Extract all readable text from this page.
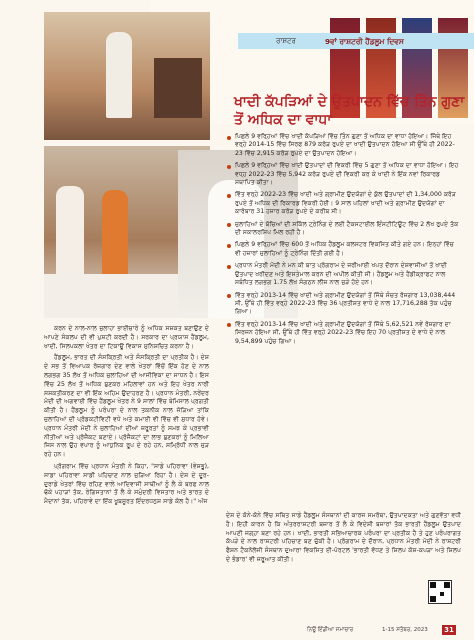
ਰਾਸ਼ਟਰ	9ਵਾਂ ਰਾਸ਼ਟਰੀ ਹੈਂਡਲੂਮ ਦਿਵਸ
ਖਾਦੀ ਕੱਪੜਿਆਂ ਦੇ ਉਤਪਾਦਨ ਵਿੱਚ ਤਿੰਨ ਗੁਣਾ ਤੋਂ ਅਧਿਕ ਦਾ ਵਾਧਾ
ਪਿਛਲੇ 9 ਵਰ੍ਹਿਆਂ ਵਿੱਚ ਖਾਦੀ ਕੱਪੜਿਆਂ ਵਿੱਚ ਤਿੰਨ ਗੁਣਾ ਤੋਂ ਅਧਿਕ ਦਾ ਵਾਧਾ ਹੋਇਆ। ਜਿੱਥੇ ਇਹ ਵਰ੍ਹੇ 2014-15 ਵਿੱਚ ਸਿਰਫ 879 ਕਰੋੜ ਰੁਪਏ ਦਾ ਖਾਦੀ ਉਤਪਾਦਨ ਹੋਇਆ ਸੀ ਉੱਥੇ ਹੀ 2022-23 ਵਿੱਚ 2,915 ਕਰੋੜ ਰੁਪਏ ਦਾ ਉਤਪਾਦਨ ਹੋਇਆ।
ਪਿਛਲੇ 9 ਵਰ੍ਹਿਆਂ ਵਿੱਚ ਖਾਦੀ ਉਤਪਾਦਾਂ ਦੀ ਵਿਕਰੀ ਵਿੱਚ 5 ਗੁਣਾ ਤੋਂ ਅਧਿਕ ਦਾ ਵਾਧਾ ਹੋਇਆ। ਇਹ ਵਧ੍ਹ 2022-23 ਵਿੱਚ 5,942 ਕਰੋੜ ਰੁਪਏ ਦੀ ਵਿਕਰੀ ਕਰ ਕੇ ਖਾਦੀ ਨੇ ਇੱਕ ਨਵਾਂ ਰਿਕਾਰਡ ਸਥਾਪਿਤ ਕੀਤਾ।
ਵਿੱਤ ਵਰ੍ਹੇ 2022-23 ਵਿੱਚ ਖਾਦੀ ਅਤੇ ਗ੍ਰਾਮੀਣ ਉਦਯੋਗਾਂ ਦੇ ਕੁੱਲ ਉਤਪਾਦਾਂ ਦੀ 1,34,000 ਕਰੋੜ ਰੁਪਏ ਤੋਂ ਅਧਿਕ ਦੀ ਰਿਕਾਰਡ ਵਿਕਰੀ ਹੋਈ। 9 ਸਾਲ ਪਹਿਲਾਂ ਖਾਦੀ ਅਤੇ ਗ੍ਰਾਮੀਣ ਉਦਯੋਗਾਂ ਦਾ ਕਾਰੋਬਾਰ 31 ਹਜ਼ਾਰ ਕਰੋੜ ਰੁਪਏ ਦੇ ਕਰੀਬ ਸੀ।
ਜੁਲਾਹਿਆਂ ਦੇ ਬੱਚਿਆਂ ਦੀ ਸਕਿੱਲ ਟ੍ਰੇਨਿੰਗ ਦੇ ਲਈ ਟੈਕਸਟਾਈਲ ਇੰਸਟੀਟਿਊਟ ਵਿੱਚ 2 ਲੱਖ ਰੁਪਏ ਤੱਕ ਦੀ ਸਕਾਲਰਸ਼ਿਪ ਮਿਲ ਰਹੀ ਹੈ।
ਪਿਛਲੇ 9 ਵਰ੍ਹਿਆਂ ਵਿੱਚ 600 ਤੋਂ ਅਧਿਕ ਹੈਂਡਲੂਮ ਕਲਸਟਰ ਵਿਕਸਿਤ ਕੀਤੇ ਗਏ ਹਨ। ਇਨ੍ਹਾਂ ਵਿੱਚ ਵੀ ਹਜ਼ਾਰਾਂ ਜੁਲਾਹਿਆਂ ਨੂੰ ਟ੍ਰੇਨਿੰਗ ਦਿੱਤੀ ਗਈ ਹੈ।
ਪ੍ਰਧਾਨ ਮੰਤਰੀ ਮੋਦੀ ਨੇ ਮਨ ਕੀ ਬਾਤ ਪ੍ਰੋਗਰਾਮ ਦੇ ਜ਼ਰੀਆਈ ਖਪਤ ਦੌਰਾਨ ਦੇਸ਼ਵਾਸੀਆਂ ਤੋਂ ਖਾਦੀ ਉਤਪਾਦ ਖਰੀਦਣ ਅਤੇ ਇਸਤੇਮਾਲ ਕਰਨ ਦੀ ਅਪੀਲ ਕੀਤੀ ਸੀ। ਹੈਂਡਲੂਮ ਅਤੇ ਹੈਂਡੀਕ੍ਰਾਫਟ ਨਾਲ ਸਬੰਧਿਤ ਲਗਭਗ 1.75 ਲੱਖ ਸੰਗਠਨ ਲੀਜ਼ ਨਾਲ ਜੁੜੇ ਹੋਏ ਹਨ।
ਵਿੱਤ ਵਰ੍ਹੇ 2013-14 ਵਿੱਚ ਖਾਦੀ ਅਤੇ ਗ੍ਰਾਮੀਣ ਉਦਯੋਗਾਂ ਤੋਂ ਜਿੱਥੇ ਸੰਚਤ ਰੋਜ਼ਗਾਰ 13,038,444 ਸੀ, ਉੱਥੇ ਹੀ ਵਿੱਤ ਵਰ੍ਹੇ 2022-23 ਵਿੱਚ 36 ਪ੍ਰਤੀਸ਼ਤ ਵਾਧੇ ਦੇ ਨਾਲ 17,716,288 ਤੱਕ ਪਹੁੰਚ ਗਿਆ।
ਵਿੱਤ ਵਰ੍ਹੇ 2013-14 ਵਿੱਚ ਖਾਦੀ ਅਤੇ ਗ੍ਰਾਮੀਣ ਉਦਯੋਗਾਂ ਤੋਂ ਜਿੱਥੇ 5,62,521 ਨਵੇਂ ਰੋਜ਼ਗਾਰ ਦਾ ਸਿਰਜਨ ਹੋਇਆ ਸੀ, ਉੱਥੇ ਹੀ ਵਿੱਤ ਵਰ੍ਹੇ 2022-23 ਵਿੱਚ ਇਹ 70 ਪ੍ਰਤੀਸ਼ਤ ਦੇ ਵਾਧੇ ਦੇ ਨਾਲ 9,54,899 ਪਹੁੰਚ ਗਿਆ।

ਕਰਨ ਦੇ ਨਾਲ-ਨਾਲ ਜੁਲਾਹਾ ਭਾਈਚਾਰੇ ਨੂੰ ਅਧਿਕ ਸਸ਼ਕਤ ਬਣਾਉਣ ਦੇ ਆਪਣੇ ਸੰਕਲਪ ਦੀ ਵੀ ਪੁਸ਼ਟੀ ਕਰਦੀ ਹੈ। ਸਰਕਾਰ ਦਾ ਪ੍ਰਯਾਸ ਹੈਂਡਲੂਮ, ਖਾਦੀ, ਸਿਲਪਕਲਾ ਖੇਤਰ ਦਾ ਟਿਕਾਊ ਵਿਕਾਸ ਸੁਨਿਸ਼ਚਿਤ ਕਰਨਾ ਹੈ।

ਹੈਂਡਲੂਮ, ਭਾਰਤ ਦੀ ਸੰਸਕ੍ਰਿਤੀ ਅਤੇ ਸੰਸਕ੍ਰਿਤੀ ਦਾ ਪ੍ਰਤੀਕ ਹੈ। ਦੇਸ਼ ਦੇ ਸਭ ਤੋਂ ਵਿਆਪਕ ਰੋਜ਼ਗਾਰ ਦੇਣ ਵਾਲੇ ਖੇਤਰਾਂ ਵਿੱਚੋਂ ਇੱਕ ਹੋਣ ਦੇ ਨਾਲ ਲਗਭਗ 35 ਲੱਖ ਤੋਂ ਅਧਿਕ ਜੁਲਾਹਿਆਂ ਦੀ ਆਜੀਵਿਕਾ ਦਾ ਸਾਧਨ ਹੈ। ਇਸ ਵਿੱਚ 25 ਲੱਖ ਤੋਂ ਅਧਿਕ ਬੁਣਕਰ ਮਹਿਲਾਵਾਂ ਹਨ ਅਤੇ ਇਹ ਖੇਤਰ ਨਾਰੀ ਸਸ਼ਕਤੀਕਰਣ ਦਾ ਵੀ ਇੱਕ ਅਹਿਮ ਉਦਾਹਰਣ ਹੈ। ਪ੍ਰਧਾਨ ਮੰਤਰੀ, ਨਰੇਂਦਰ ਮੋਦੀ ਦੀ ਅਗਵਾਈ ਵਿੱਚ ਹੈਂਡਲੂਮ ਖੇਤਰ ਨੇ 9 ਸਾਲਾਂ ਵਿੱਚ ਬੇਮਿਸਾਲ ਪ੍ਰਗਤੀ ਕੀਤੀ ਹੈ। ਹੈਂਡਲੂਮ ਨੂੰ ਪਰੰਪਰਾ ਦੇ ਨਾਲ ਤਕਨੀਕ ਨਾਲ ਜੋੜਿਆ ਤਾਂਕਿ ਜੁਲਾਹਿਆਂ ਦੀ ਪ੍ਰੋਡਕਟੀਵਿਟੀ ਵਧੇ ਅਤੇ ਕਮਾਈ ਵੀ ਵਿੱਚ ਵੀ ਸੁਧਾਰ ਹੋਵੇ। ਪ੍ਰਧਾਨ ਮੰਤਰੀ ਮੋਦੀ ਨੇ ਜੁਲਾਹਿਆਂ ਦੀਆਂ ਜ਼ਰੂਰਤਾਂ ਨੂੰ ਸਮਝ ਕੇ ਪ੍ਰਭਾਵੀ ਨੀਤੀਆਂ ਅਤੇ ਪ੍ਰੋਜੈਕਟ ਬਣਾਏ। ਪ੍ਰੋਜੈਕਟਾਂ ਦਾ ਲਾਭ ਬੁਣਕਰਾਂ ਨੂੰ ਮਿਲਿਆ ਜਿਸ ਨਾਲ ਉਹ ਵਪਾਰ ਨੂੰ ਆਧੁਨਿਕ ਰੂਪ ਦੇ ਰਹੇ ਹਨ, ਸਮ੍ਰਿੱਧੀ ਨਾਲ ਜੁੜ ਰਹੇ ਹਨ।

ਪ੍ਰੋਗਰਾਮ ਵਿੱਚ ਪ੍ਰਧਾਨ ਮੰਤਰੀ ਨੇ ਕਿਹਾ, "ਸਾਡੇ ਪਹਿਰਾਵਾ (ਵੇਸ਼ਭੂ), ਸਾਡਾ ਪਹਿਰਾਵਾ ਸਾਡੀ ਪਹਿਚਾਣ ਨਾਲ ਜੁੜਿਆ ਰਿਹਾ ਹੈ। ਦੇਸ਼ ਦੇ ਦੂਰ-ਦੁਰਾਡੇ ਖੇਤਰਾਂ ਵਿੱਚ ਰਹਿਣ ਵਾਲੇ ਆਦਿਵਾਸੀ ਸਾਥੀਆਂ ਨੂੰ ਲੈ ਕੇ ਬਰਫ ਨਾਲ ਢੱਕੇ ਪਹਾੜਾਂ ਤੱਕ, ਰੇਗਿਸਤਾਨਾਂ ਤੋਂ ਲੈ ਕੇ ਸਮੁੰਦਰੀ ਵਿਸਤਾਰ ਅਤੇ ਭਾਰਤ ਦੇ ਮੈਦਾਨਾਂ ਤੱਕ, ਪਹਿਰਾਵੇ ਦਾ ਇੱਕ ਖੂਬਸੂਰਤ ਇੰਦਰਧਨੁਸ਼ ਸਾਡੇ ਕੋਲ ਹੈ।" ਅੱਜ

ਦੇਸ਼ ਦੇ ਕੋਨੇ-ਕੋਨੇ ਵਿੱਚ ਸਥਿਤ ਸਾਡੇ ਹੈਂਡਲੂਮ ਸੰਸਥਾਨਾਂ ਦੀ ਕਾਰਜ ਸਮਰੱਥਾ, ਉਤਪਾਦਕਤਾ ਅਤੇ ਗੁਣਵੱਤਾ ਵਧੀ ਹੈ। ਇਹੀ ਕਾਰਨ ਹੈ ਕਿ ਅੰਤਰਰਾਸ਼ਟਰੀ ਬਜ਼ਾਰ ਤੋਂ ਲੈ ਕੇ ਵਿਦੇਸ਼ੀ ਬਜ਼ਾਰਾਂ ਤੱਕ ਭਾਰਤੀ ਹੈਂਡਲੂਮ ਉਤਪਾਦ ਆਪਣੀ ਜਗ੍ਹਾ ਬਣਾ ਰਹੇ ਹਨ। ਖਾਦੀ, ਭਾਰਤੀ ਸਭਿਆਚਾਰਕ ਪਰੰਪਰਾ ਦਾ ਪ੍ਰਤੀਕ ਹੈ ਤੇ ਹੁਣ ਪਰੰਪਰਾਗਤ ਕੱਪੜੇ ਦੇ ਨਾਲ ਰਾਸ਼ਟਰੀ ਪਹਿਚਾਣ ਬਣ ਚੁੱਕੀ ਹੈ। ਪ੍ਰੋਗਰਾਮ ਦੇ ਦੌਰਾਨ, ਪ੍ਰਧਾਨ ਮੰਤਰੀ ਮੋਦੀ ਨੇ ਰਾਸ਼ਟਰੀ ਫੈਸ਼ਨ ਟੈਕਨੋਲੋਜੀ ਸੰਸਥਾਨ ਦੁਆਰਾ ਵਿਕਸਿਤ ਈ-ਪੋਰਟਲ 'ਭਾਰਤੀ ਵੱਧਣ ਤੇ ਸ਼ਿਲਪ ਕੋਸ਼-ਕਪੜਾ ਅਤੇ ਸ਼ਿਲਪ ਦੇ ਭੰਡਾਰ' ਵੀ ਜ਼ਰੂਆਤ ਕੀਤੀ।

ਨਿਊ ਇੰਡੀਆ ਸਮਾਚਾਰ	1-15 ਸਤੰਬਰ, 2023	31
